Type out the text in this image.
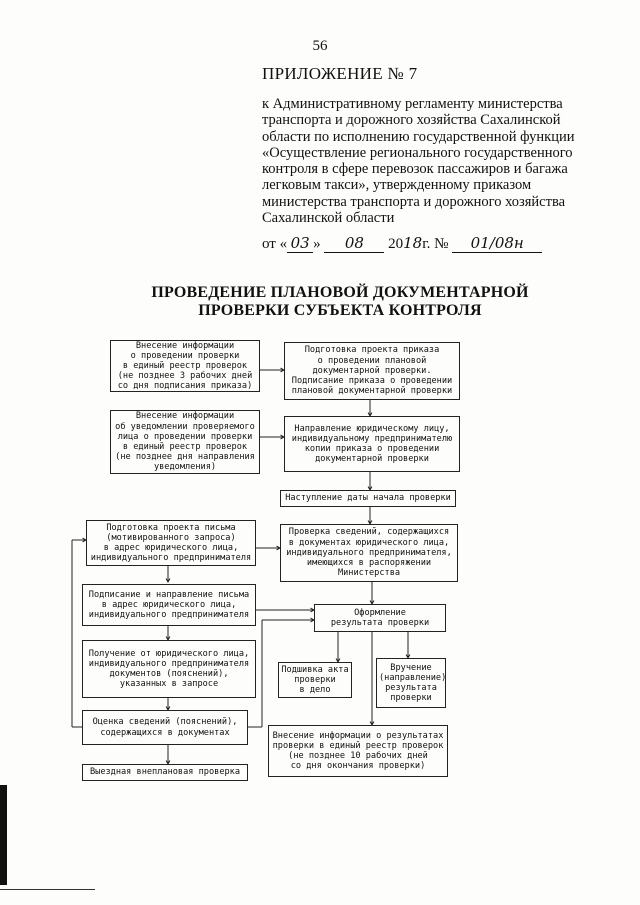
56
ПРИЛОЖЕНИЕ № 7
к Административному регламенту министерства
транспорта и дорожного хозяйства Сахалинской
области по исполнению государственной функции
«Осуществление регионального государственного
контроля в сфере перевозок пассажиров и багажа
легковым такси», утвержденному приказом
министерства транспорта и дорожного хозяйства
Сахалинской области
от « 03 » 08 2018г. № 01/08н
ПРОВЕДЕНИЕ ПЛАНОВОЙ ДОКУМЕНТАРНОЙ
ПРОВЕРКИ СУБЪЕКТА КОНТРОЛЯ
Внесение информации
о проведении проверки
в единый реестр проверок
(не позднее 3 рабочих дней
со дня подписания приказа)
Подготовка проекта приказа
о проведении плановой
документарной проверки.
Подписание приказа о проведении
плановой документарной проверки
Внесение информации
об уведомлении проверяемого
лица о проведении проверки
в единый реестр проверок
(не позднее дня направления
уведомления)
Направление юридическому лицу,
индивидуальному предпринимателю
копии приказа о проведении
документарной проверки
Наступление даты начала проверки
Подготовка проекта письма
(мотивированного запроса)
в адрес юридического лица,
индивидуального предпринимателя
Проверка сведений, содержащихся
в документах юридического лица,
индивидуального предпринимателя,
имеющихся в распоряжении
Министерства
Подписание и направление письма
в адрес юридического лица,
индивидуального предпринимателя	Оформление
результата проверки
Получение от юридического лица,
индивидуального предпринимателя
документов (пояснений),
указанных в запросе
Подшивка акта
проверки
в дело
Вручение
(направление)
результата
проверки
Оценка сведений (пояснений),
содержащихся в документах	Внесение информации о результатах
проверки в единый реестр проверок
(не позднее 10 рабочих дней
со дня окончания проверки)
Выездная внеплановая проверка
